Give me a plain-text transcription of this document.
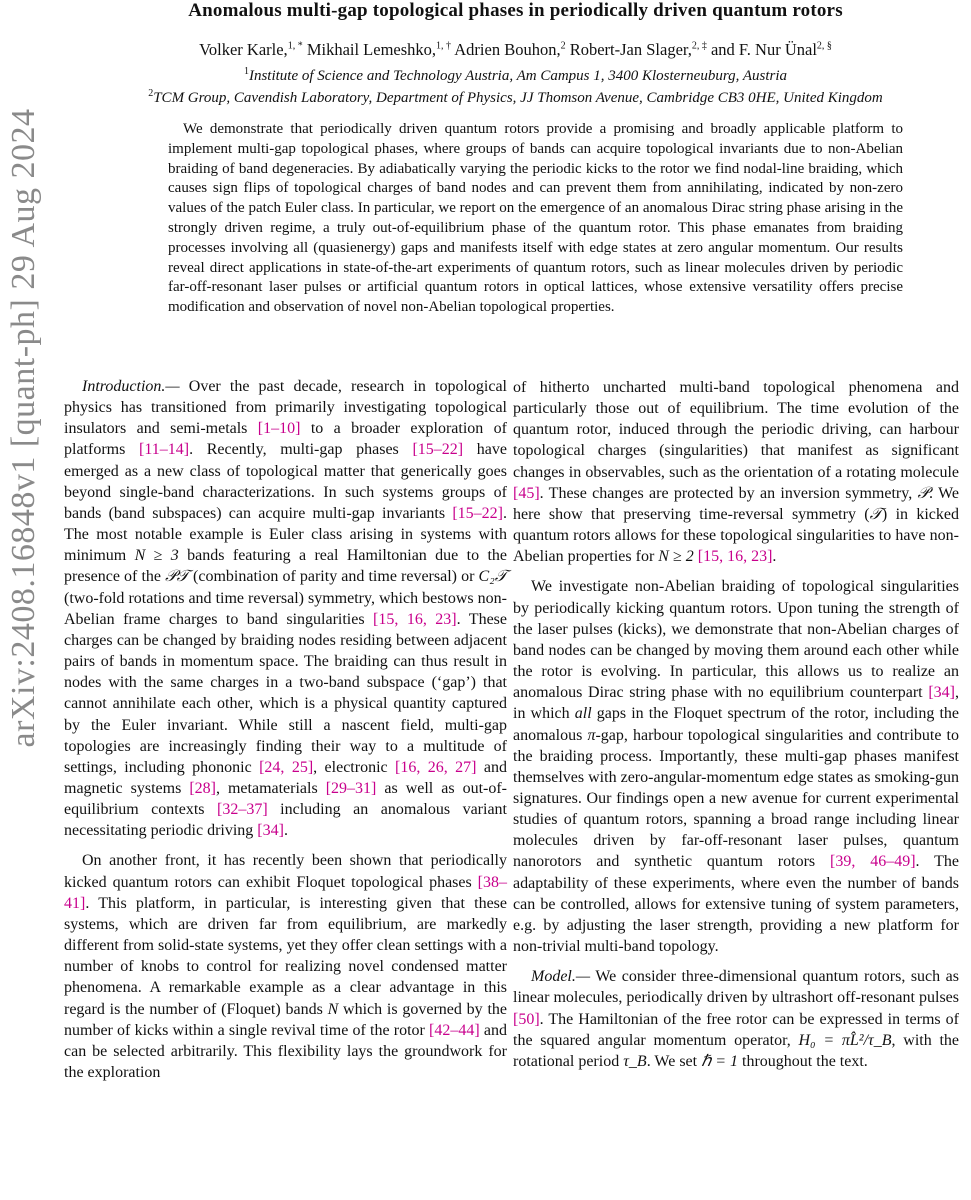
arXiv:2408.16848v1 [quant-ph] 29 Aug 2024
Anomalous multi-gap topological phases in periodically driven quantum rotors
Volker Karle,$^{1, *}$ Mikhail Lemeshko,$^{1, \dagger}$ Adrien Bouhon,$^2$ Robert-Jan Slager,$^{2, \ddagger}$ and F. Nur Ünal$^{2, \S}$
$^1$Institute of Science and Technology Austria, Am Campus 1, 3400 Klosterneuburg, Austria
$^2$TCM Group, Cavendish Laboratory, Department of Physics, JJ Thomson Avenue, Cambridge CB3 0HE, United Kingdom
We demonstrate that periodically driven quantum rotors provide a promising and broadly applicable platform to implement multi-gap topological phases, where groups of bands can acquire topological invariants due to non-Abelian braiding of band degeneracies. By adiabatically varying the periodic kicks to the rotor we find nodal-line braiding, which causes sign flips of topological charges of band nodes and can prevent them from annihilating, indicated by non-zero values of the patch Euler class. In particular, we report on the emergence of an anomalous Dirac string phase arising in the strongly driven regime, a truly out-of-equilibrium phase of the quantum rotor. This phase emanates from braiding processes involving all (quasienergy) gaps and manifests itself with edge states at zero angular momentum. Our results reveal direct applications in state-of-the-art experiments of quantum rotors, such as linear molecules driven by periodic far-off-resonant laser pulses or artificial quantum rotors in optical lattices, whose extensive versatility offers precise modification and observation of novel non-Abelian topological properties.

Introduction.— Over the past decade, research in topological physics has transitioned from primarily investigating topological insulators and semi-metals [1–10] to a broader exploration of platforms [11–14]. Recently, multi-gap phases [15–22] have emerged as a new class of topological matter that generically goes beyond single-band characterizations. In such systems groups of bands (band subspaces) can acquire multi-gap invariants [15–22]. The most notable example is Euler class arising in systems with minimum N ≥ 3 bands featuring a real Hamiltonian due to the presence of the 𝒫𝒯 (combination of parity and time reversal) or C₂𝒯 (two-fold rotations and time reversal) symmetry, which bestows non-Abelian frame charges to band singularities [15, 16, 23]. These charges can be changed by braiding nodes residing between adjacent pairs of bands in momentum space. The braiding can thus result in nodes with the same charges in a two-band subspace (‘gap’) that cannot annihilate each other, which is a physical quantity captured by the Euler invariant. While still a nascent field, multi-gap topologies are increasingly finding their way to a multitude of settings, including phononic [24, 25], electronic [16, 26, 27] and magnetic systems [28], metamaterials [29–31] as well as out-of-equilibrium contexts [32–37] including an anomalous variant necessitating periodic driving [34].

On another front, it has recently been shown that periodically kicked quantum rotors can exhibit Floquet topological phases [38–41]. This platform, in particular, is interesting given that these systems, which are driven far from equilibrium, are markedly different from solid-state systems, yet they offer clean settings with a number of knobs to control for realizing novel condensed matter phenomena. A remarkable example as a clear advantage in this regard is the number of (Floquet) bands N which is governed by the number of kicks within a single revival time of the rotor [42–44] and can be selected arbitrarily. This flexibility lays the groundwork for the exploration

of hitherto uncharted multi-band topological phenomena and particularly those out of equilibrium. The time evolution of the quantum rotor, induced through the periodic driving, can harbour topological charges (singularities) that manifest as significant changes in observables, such as the orientation of a rotating molecule [45]. These changes are protected by an inversion symmetry, 𝒫. We here show that preserving time-reversal symmetry (𝒯) in kicked quantum rotors allows for these topological singularities to have non-Abelian properties for N ≥ 2 [15, 16, 23].

We investigate non-Abelian braiding of topological singularities by periodically kicking quantum rotors. Upon tuning the strength of the laser pulses (kicks), we demonstrate that non-Abelian charges of band nodes can be changed by moving them around each other while the rotor is evolving. In particular, this allows us to realize an anomalous Dirac string phase with no equilibrium counterpart [34], in which all gaps in the Floquet spectrum of the rotor, including the anomalous π-gap, harbour topological singularities and contribute to the braiding process. Importantly, these multi-gap phases manifest themselves with zero-angular-momentum edge states as smoking-gun signatures. Our findings open a new avenue for current experimental studies of quantum rotors, spanning a broad range including linear molecules driven by far-off-resonant laser pulses, quantum nanorotors and synthetic quantum rotors [39, 46–49]. The adaptability of these experiments, where even the number of bands can be controlled, allows for extensive tuning of system parameters, e.g. by adjusting the laser strength, providing a new platform for non-trivial multi-band topology.

Model.— We consider three-dimensional quantum rotors, such as linear molecules, periodically driven by ultrashort off-resonant pulses [50]. The Hamiltonian of the free rotor can be expressed in terms of the squared angular momentum operator, H₀ = πL̂²/τ_B, with the rotational period τ_B. We set ℏ = 1 throughout the text.
